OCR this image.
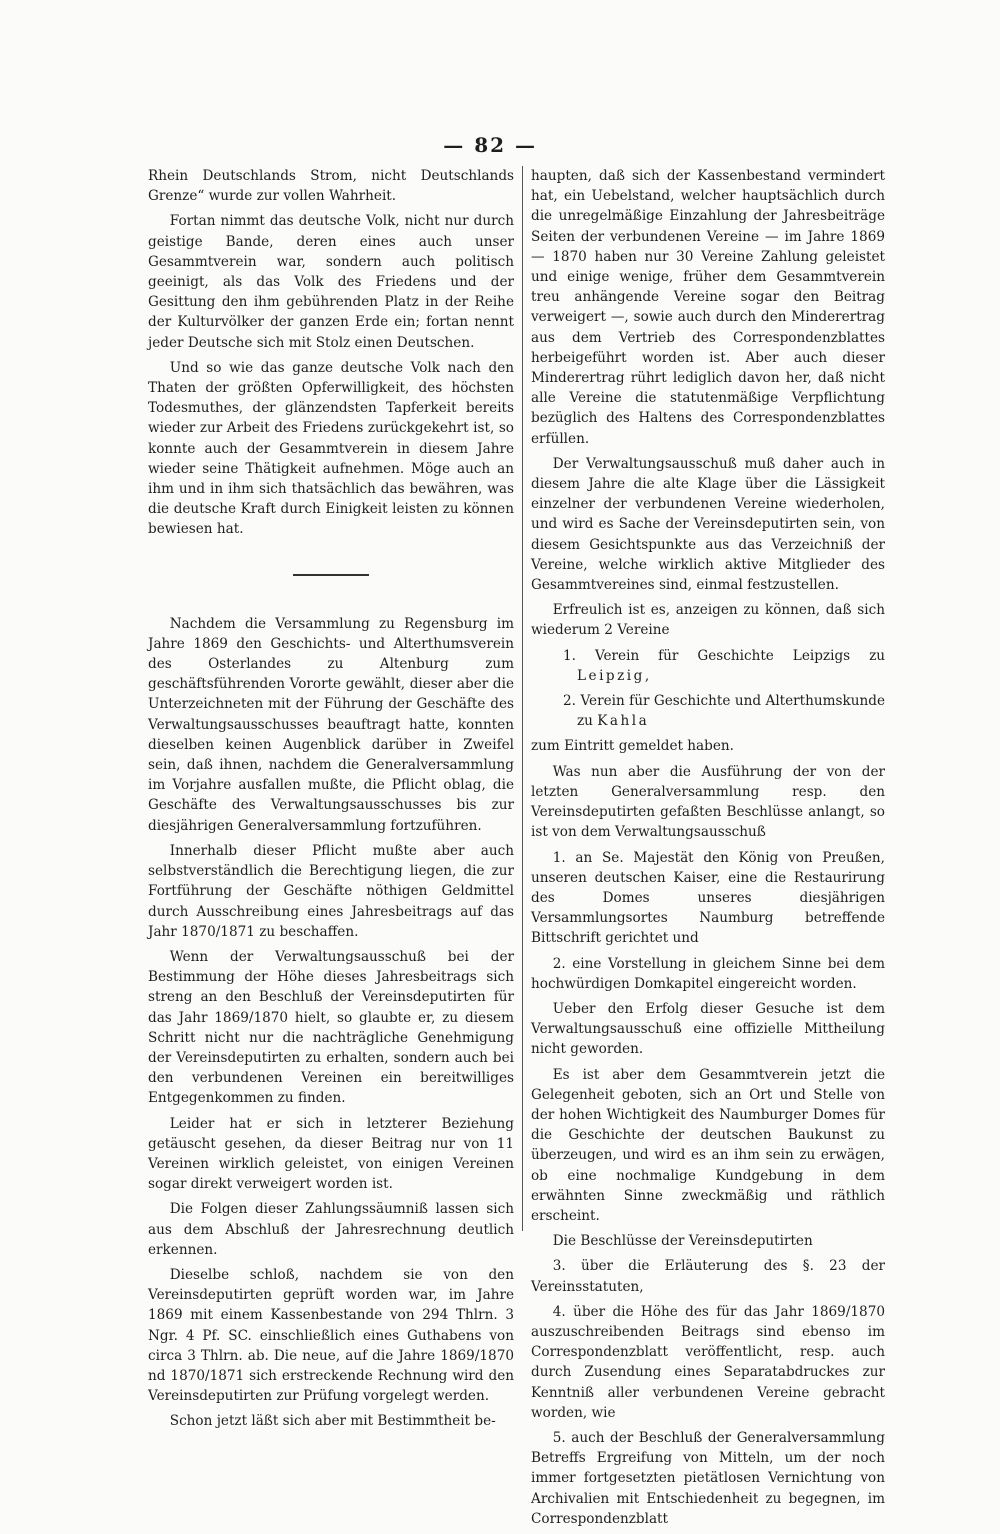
— 82 —

Rhein Deutschlands Strom, nicht Deutschlands Grenze“ wurde zur vollen Wahrheit.

Fortan nimmt das deutsche Volk, nicht nur durch geistige Bande, deren eines auch unser Gesammtverein war, sondern auch politisch geeinigt, als das Volk des Friedens und der Gesittung den ihm gebührenden Platz in der Reihe der Kulturvölker der ganzen Erde ein; fortan nennt jeder Deutsche sich mit Stolz einen Deutschen.

Und so wie das ganze deutsche Volk nach den Thaten der größten Opferwilligkeit, des höchsten Todesmuthes, der glänzendsten Tapferkeit bereits wieder zur Arbeit des Friedens zurückgekehrt ist, so konnte auch der Gesammtverein in diesem Jahre wieder seine Thätigkeit aufnehmen. Möge auch an ihm und in ihm sich thatsächlich das bewähren, was die deutsche Kraft durch Einigkeit leisten zu können bewiesen hat.

Nachdem die Versammlung zu Regensburg im Jahre 1869 den Geschichts- und Alterthumsverein des Osterlandes zu Altenburg zum geschäftsführenden Vororte gewählt, dieser aber die Unterzeichneten mit der Führung der Geschäfte des Verwaltungsausschusses beauftragt hatte, konnten dieselben keinen Augenblick darüber in Zweifel sein, daß ihnen, nachdem die Generalversammlung im Vorjahre ausfallen mußte, die Pflicht oblag, die Geschäfte des Verwaltungsausschusses bis zur diesjährigen Generalversammlung fortzuführen.

Innerhalb dieser Pflicht mußte aber auch selbstverständlich die Berechtigung liegen, die zur Fortführung der Geschäfte nöthigen Geldmittel durch Ausschreibung eines Jahresbeitrags auf das Jahr 1870/1871 zu beschaffen.

Wenn der Verwaltungsausschuß bei der Bestimmung der Höhe dieses Jahresbeitrags sich streng an den Beschluß der Vereinsdeputirten für das Jahr 1869/1870 hielt, so glaubte er, zu diesem Schritt nicht nur die nachträgliche Genehmigung der Vereinsdeputirten zu erhalten, sondern auch bei den verbundenen Vereinen ein bereitwilliges Entgegenkommen zu finden.

Leider hat er sich in letzterer Beziehung getäuscht gesehen, da dieser Beitrag nur von 11 Vereinen wirklich geleistet, von einigen Vereinen sogar direkt verweigert worden ist.

Die Folgen dieser Zahlungssäumniß lassen sich aus dem Abschluß der Jahresrechnung deutlich erkennen.

Dieselbe schloß, nachdem sie von den Vereinsdeputirten geprüft worden war, im Jahre 1869 mit einem Kassenbestande von 294 Thlrn. 3 Ngr. 4 Pf. SC. einschließlich eines Guthabens von circa 3 Thlrn. ab. Die neue, auf die Jahre 1869/1870 nd 1870/1871 sich erstreckende Rechnung wird den Vereinsdeputirten zur Prüfung vorgelegt werden.

Schon jetzt läßt sich aber mit Bestimmtheit be-

haupten, daß sich der Kassenbestand vermindert hat, ein Uebelstand, welcher hauptsächlich durch die unregelmäßige Einzahlung der Jahresbeiträge Seiten der verbundenen Vereine — im Jahre 1869 — 1870 haben nur 30 Vereine Zahlung geleistet und einige wenige, früher dem Gesammtverein treu anhängende Vereine sogar den Beitrag verweigert —, sowie auch durch den Minderertrag aus dem Vertrieb des Correspondenzblattes herbeigeführt worden ist. Aber auch dieser Minderertrag rührt lediglich davon her, daß nicht alle Vereine die statutenmäßige Verpflichtung bezüglich des Haltens des Correspondenzblattes erfüllen.

Der Verwaltungsausschuß muß daher auch in diesem Jahre die alte Klage über die Lässigkeit einzelner der verbundenen Vereine wiederholen, und wird es Sache der Vereinsdeputirten sein, von diesem Gesichtspunkte aus das Verzeichniß der Vereine, welche wirklich aktive Mitglieder des Gesammtvereines sind, einmal festzustellen.

Erfreulich ist es, anzeigen zu können, daß sich wiederum 2 Vereine

1. Verein für Geschichte Leipzigs zu Leipzig,
2. Verein für Geschichte und Alterthumskunde zu Kahla

zum Eintritt gemeldet haben.

Was nun aber die Ausführung der von der letzten Generalversammlung resp. den Vereinsdeputirten gefaßten Beschlüsse anlangt, so ist von dem Verwaltungsausschuß

1. an Se. Majestät den König von Preußen, unseren deutschen Kaiser, eine die Restaurirung des Domes unseres diesjährigen Versammlungsortes Naumburg betreffende Bittschrift gerichtet und

2. eine Vorstellung in gleichem Sinne bei dem hochwürdigen Domkapitel eingereicht worden.

Ueber den Erfolg dieser Gesuche ist dem Verwaltungsausschuß eine offizielle Mittheilung nicht geworden.

Es ist aber dem Gesammtverein jetzt die Gelegenheit geboten, sich an Ort und Stelle von der hohen Wichtigkeit des Naumburger Domes für die Geschichte der deutschen Baukunst zu überzeugen, und wird es an ihm sein zu erwägen, ob eine nochmalige Kundgebung in dem erwähnten Sinne zweckmäßig und räthlich erscheint.

Die Beschlüsse der Vereinsdeputirten

3. über die Erläuterung des §. 23 der Vereinsstatuten,

4. über die Höhe des für das Jahr 1869/1870 auszuschreibenden Beitrags sind ebenso im Correspondenzblatt veröffentlicht, resp. auch durch Zusendung eines Separatabdruckes zur Kenntniß aller verbundenen Vereine gebracht worden, wie

5. auch der Beschluß der Generalversammlung Betreffs Ergreifung von Mitteln, um der noch immer fortgesetzten pietätlosen Vernichtung von Archivalien mit Entschiedenheit zu begegnen, im Correspondenzblatt
